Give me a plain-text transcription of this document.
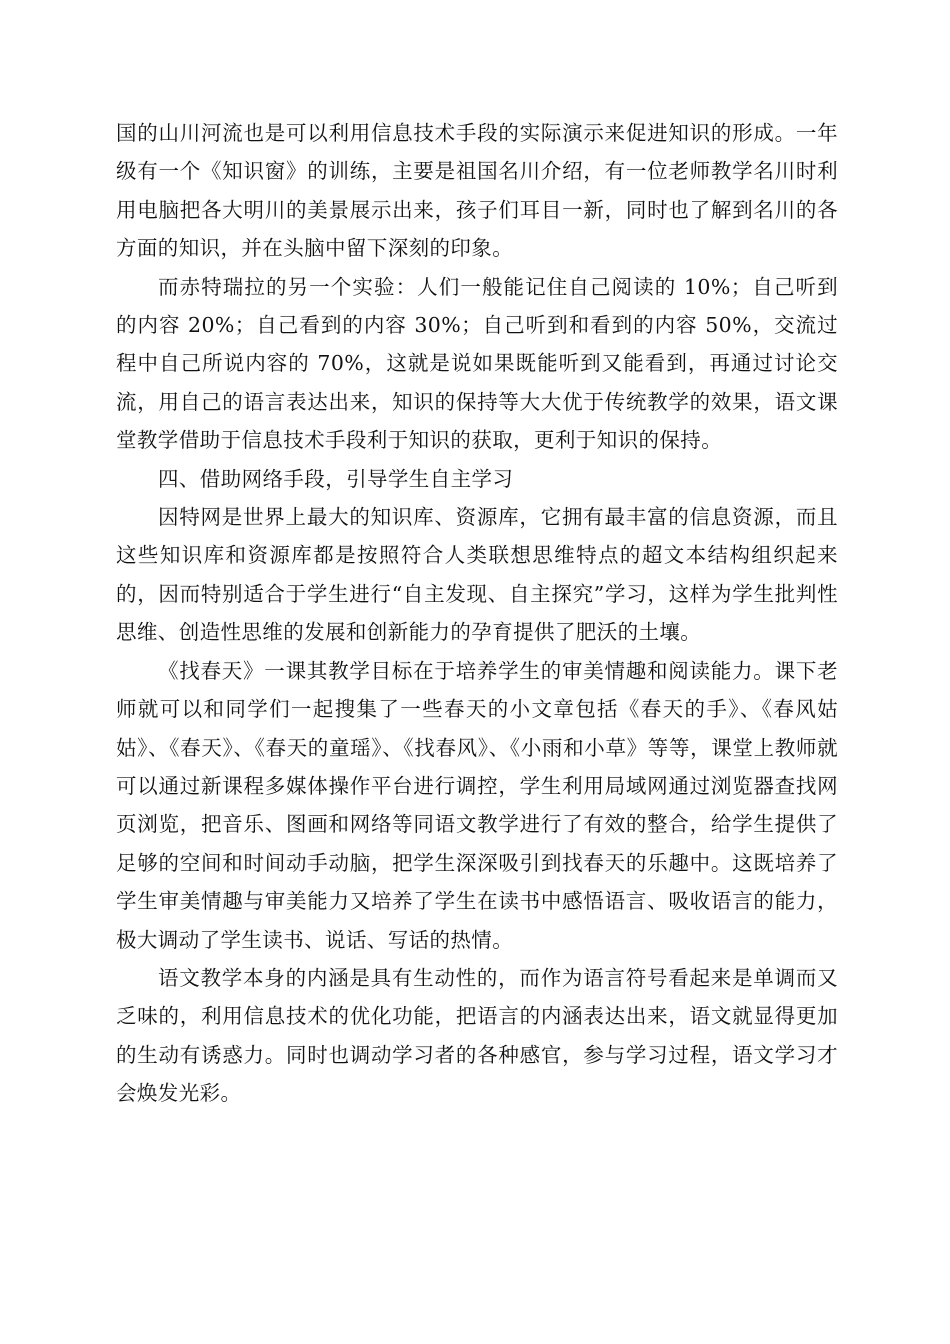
国的山川河流也是可以利用信息技术手段的实际演示来促进知识的形成。一年级有一个《知识窗》的训练，主要是祖国名川介绍，有一位老师教学名川时利用电脑把各大明川的美景展示出来，孩子们耳目一新，同时也了解到名川的各方面的知识，并在头脑中留下深刻的印象。

而赤特瑞拉的另一个实验：人们一般能记住自己阅读的 10%；自己听到的内容 20%；自己看到的内容 30%；自己听到和看到的内容 50%，交流过程中自己所说内容的 70%，这就是说如果既能听到又能看到，再通过讨论交流，用自己的语言表达出来，知识的保持等大大优于传统教学的效果，语文课堂教学借助于信息技术手段利于知识的获取，更利于知识的保持。

四、借助网络手段，引导学生自主学习

因特网是世界上最大的知识库、资源库，它拥有最丰富的信息资源，而且这些知识库和资源库都是按照符合人类联想思维特点的超文本结构组织起来的，因而特别适合于学生进行“自主发现、自主探究”学习，这样为学生批判性思维、创造性思维的发展和创新能力的孕育提供了肥沃的土壤。

《找春天》一课其教学目标在于培养学生的审美情趣和阅读能力。课下老师就可以和同学们一起搜集了一些春天的小文章包括《春天的手》、《春风姑姑》、《春天》、《春天的童瑶》、《找春风》、《小雨和小草》等等，课堂上教师就可以通过新课程多媒体操作平台进行调控，学生利用局域网通过浏览器查找网页浏览，把音乐、图画和网络等同语文教学进行了有效的整合，给学生提供了足够的空间和时间动手动脑，把学生深深吸引到找春天的乐趣中。这既培养了学生审美情趣与审美能力又培养了学生在读书中感悟语言、吸收语言的能力，极大调动了学生读书、说话、写话的热情。

语文教学本身的内涵是具有生动性的，而作为语言符号看起来是单调而又乏味的，利用信息技术的优化功能，把语言的内涵表达出来，语文就显得更加的生动有诱惑力。同时也调动学习者的各种感官，参与学习过程，语文学习才会焕发光彩。
